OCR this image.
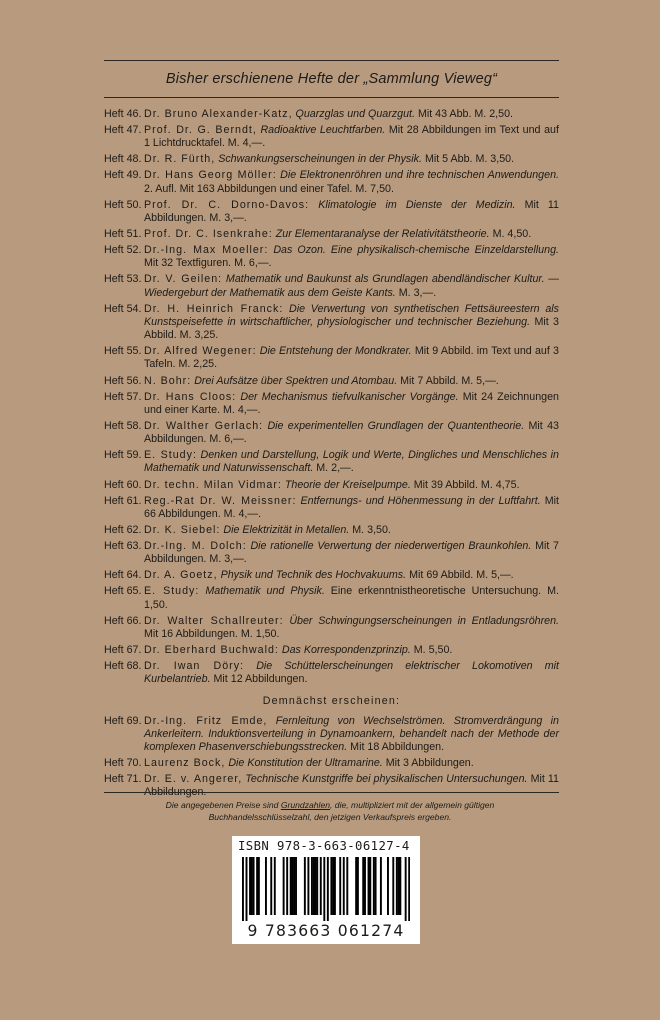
Bisher erschienene Hefte der „Sammlung Vieweg“
Heft 46. Dr. Bruno Alexander-Katz, Quarzglas und Quarzgut. Mit 43 Abb. M. 2,50.
Heft 47. Prof. Dr. G. Berndt, Radioaktive Leuchtfarben. Mit 28 Abbildungen im Text und auf 1 Lichtdrucktafel. M. 4,—.
Heft 48. Dr. R. Fürth, Schwankungserscheinungen in der Physik. Mit 5 Abb. M. 3,50.
Heft 49. Dr. Hans Georg Möller: Die Elektronenröhren und ihre technischen Anwendungen. 2. Aufl. Mit 163 Abbildungen und einer Tafel. M. 7,50.
Heft 50. Prof. Dr. C. Dorno-Davos: Klimatologie im Dienste der Medizin. Mit 11 Abbildungen. M. 3,—.
Heft 51. Prof. Dr. C. Isenkrahe: Zur Elementaranalyse der Relativitätstheorie. M. 4,50.
Heft 52. Dr.-Ing. Max Moeller: Das Ozon. Eine physikalisch-chemische Einzeldarstellung. Mit 32 Textfiguren. M. 6,—.
Heft 53. Dr. V. Geilen: Mathematik und Baukunst als Grundlagen abendländischer Kultur. — Wiedergeburt der Mathematik aus dem Geiste Kants. M. 3,—.
Heft 54. Dr. H. Heinrich Franck: Die Verwertung von synthetischen Fettsäureestern als Kunstspeisefette in wirtschaftlicher, physiologischer und technischer Beziehung. Mit 3 Abbild. M. 3,25.
Heft 55. Dr. Alfred Wegener: Die Entstehung der Mondkrater. Mit 9 Abbild. im Text und auf 3 Tafeln. M. 2,25.
Heft 56. N. Bohr: Drei Aufsätze über Spektren und Atombau. Mit 7 Abbild. M. 5,—.
Heft 57. Dr. Hans Cloos: Der Mechanismus tiefvulkanischer Vorgänge. Mit 24 Zeichnungen und einer Karte. M. 4,—.
Heft 58. Dr. Walther Gerlach: Die experimentellen Grundlagen der Quantentheorie. Mit 43 Abbildungen. M. 6,—.
Heft 59. E. Study: Denken und Darstellung, Logik und Werte, Dingliches und Menschliches in Mathematik und Naturwissenschaft. M. 2,—.
Heft 60. Dr. techn. Milan Vidmar: Theorie der Kreiselpumpe. Mit 39 Abbild. M. 4,75.
Heft 61. Reg.-Rat Dr. W. Meissner: Entfernungs- und Höhenmessung in der Luftfahrt. Mit 66 Abbildungen. M. 4,—.
Heft 62. Dr. K. Siebel: Die Elektrizität in Metallen. M. 3,50.
Heft 63. Dr.-Ing. M. Dolch: Die rationelle Verwertung der niederwertigen Braunkohlen. Mit 7 Abbildungen. M. 3,—.
Heft 64. Dr. A. Goetz, Physik und Technik des Hochvakuums. Mit 69 Abbild. M. 5,—.
Heft 65. E. Study: Mathematik und Physik. Eine erkenntnistheoretische Untersuchung. M. 1,50.
Heft 66. Dr. Walter Schallreuter: Über Schwingungserscheinungen in Entladungsröhren. Mit 16 Abbildungen. M. 1,50.
Heft 67. Dr. Eberhard Buchwald: Das Korrespondenzprinzip. M. 5,50.
Heft 68. Dr. Iwan Döry: Die Schüttelerscheinungen elektrischer Lokomotiven mit Kurbelantrieb. Mit 12 Abbildungen.
Demnächst erscheinen:
Heft 69. Dr.-Ing. Fritz Emde, Fernleitung von Wechselströmen. Stromverdrängung in Ankerleitern. Induktionsverteilung in Dynamoankern, behandelt nach der Methode der komplexen Phasenverschiebungsstrecken. Mit 18 Abbildungen.
Heft 70. Laurenz Bock, Die Konstitution der Ultramarine. Mit 3 Abbildungen.
Heft 71. Dr. E. v. Angerer, Technische Kunstgriffe bei physikalischen Untersuchungen. Mit 11 Abbildungen.
Die angegebenen Preise sind Grundzahlen, die, multipliziert mit der allgemein gültigen Buchhandelsschlüsselzahl, den jetzigen Verkaufspreis ergeben.
ISBN 978-3-663-06127-4
9 783663 061274
